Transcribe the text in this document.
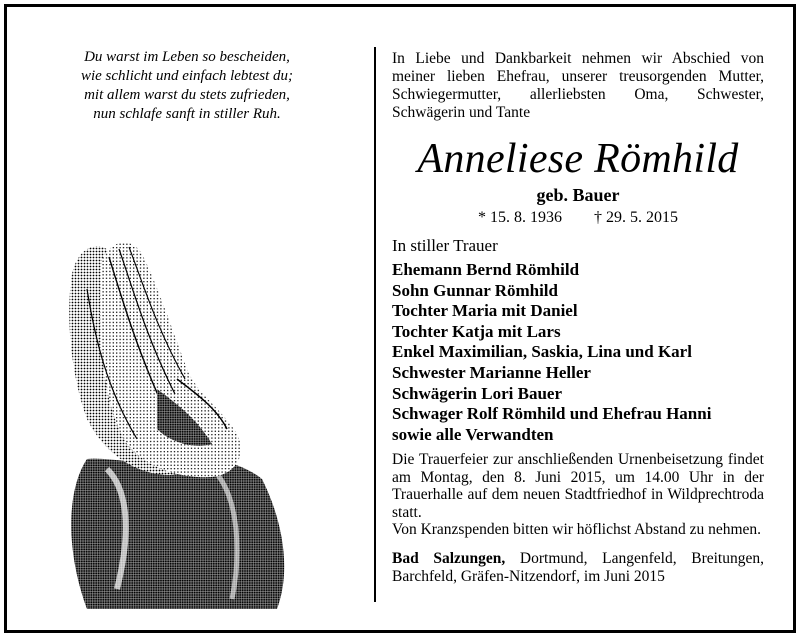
Du warst im Leben so bescheiden,
wie schlicht und einfach lebtest du;
mit allem warst du stets zufrieden,
nun schlafe sanft in stiller Ruh.
In Liebe und Dankbarkeit nehmen wir Abschied von
meiner lieben Ehefrau, unserer treusorgenden Mutter,
Schwiegermutter, allerliebsten Oma, Schwester,
Schwägerin und Tante
Anneliese Römhild
geb. Bauer
* 15. 8. 1936 † 29. 5. 2015
In stiller Trauer
Ehemann Bernd Römhild
Sohn Gunnar Römhild
Tochter Maria mit Daniel
Tochter Katja mit Lars
Enkel Maximilian, Saskia, Lina und Karl
Schwester Marianne Heller
Schwägerin Lori Bauer
Schwager Rolf Römhild und Ehefrau Hanni
sowie alle Verwandten
Die Trauerfeier zur anschließenden Urnenbeisetzung findet am Montag, den 8. Juni 2015, um 14.00 Uhr in der Trauerhalle auf dem neuen Stadtfriedhof in Wildprechtroda statt.
Von Kranzspenden bitten wir höflichst Abstand zu nehmen.
Bad Salzungen, Dortmund, Langenfeld, Breitungen, Barchfeld, Gräfen-Nitzendorf, im Juni 2015
